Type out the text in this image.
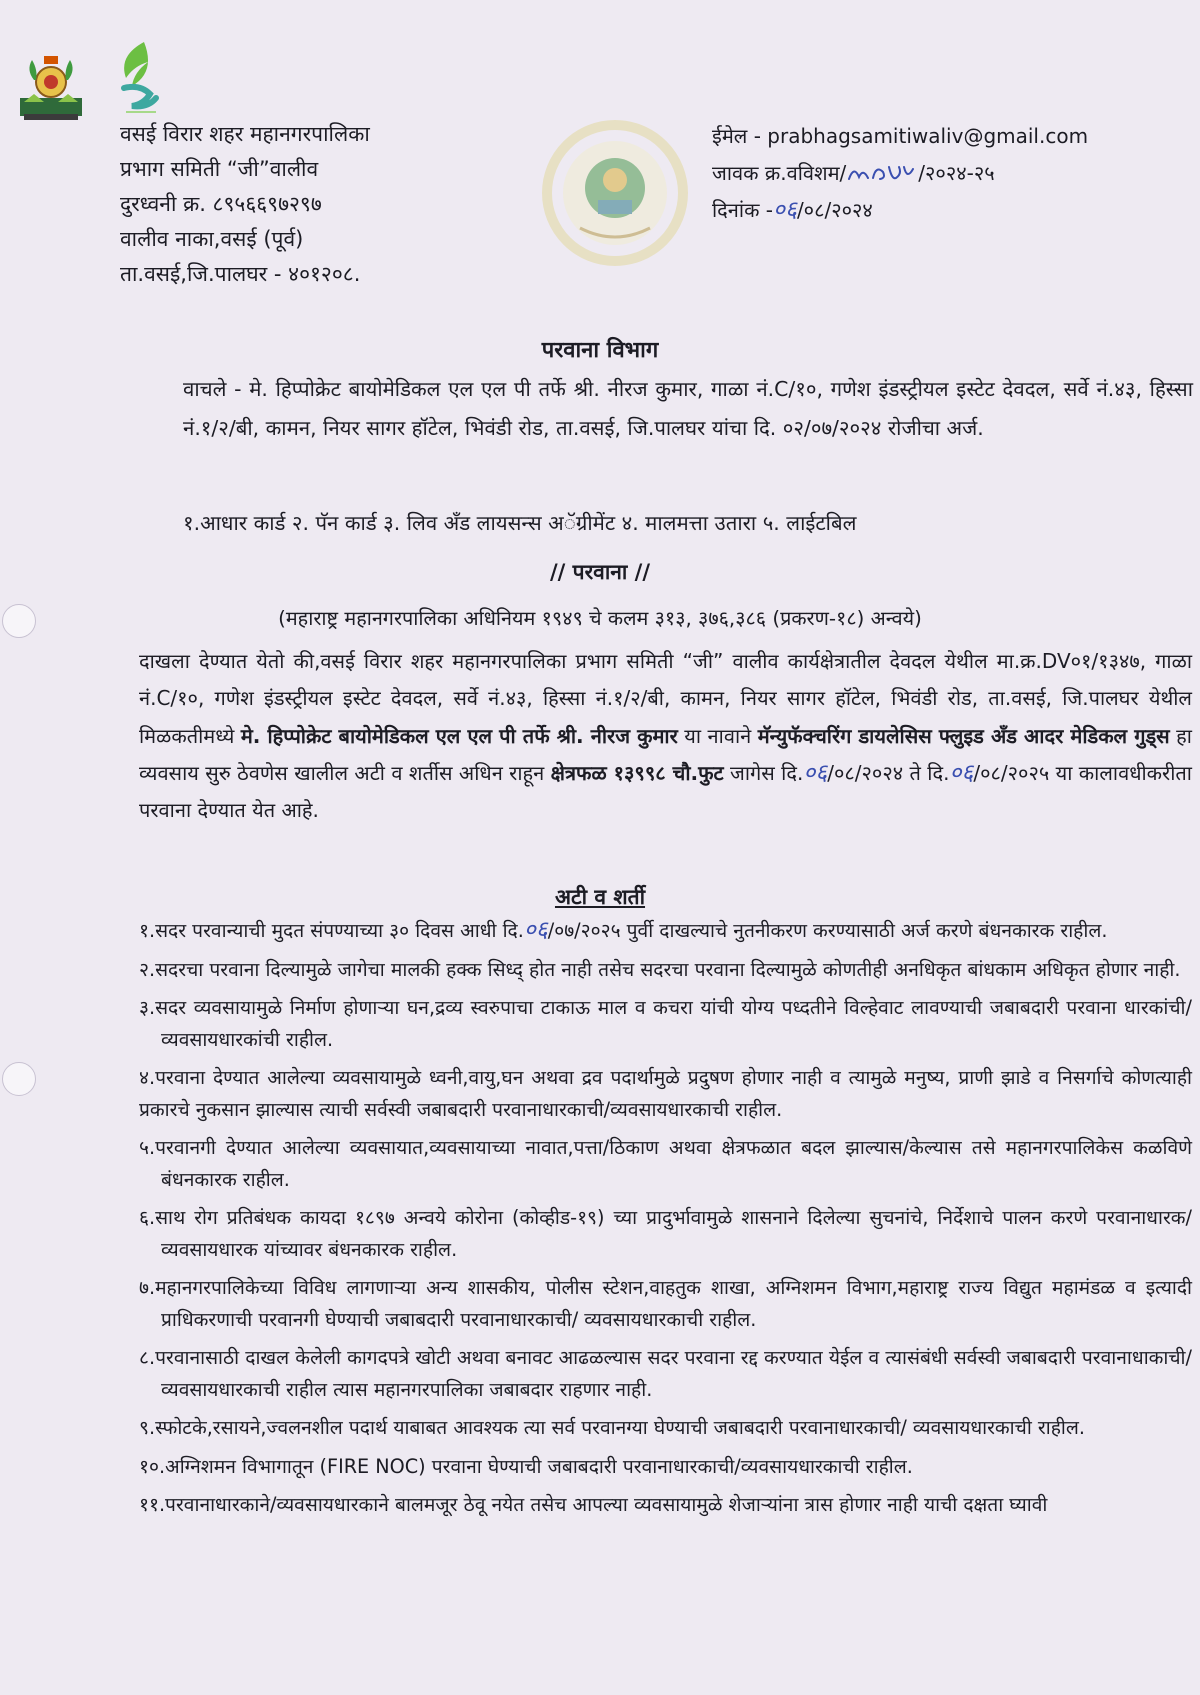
वसई विरार शहर महानगरपालिका
प्रभाग समिती “जी”वालीव
दुरध्वनी क्र. ८९५६६९७२९७
वालीव नाका,वसई (पूर्व)
ता.वसई,जि.पालघर - ४०१२०८.
ईमेल - prabhagsamitiwaliv@gmail.com
जावक क्र.वविशम/	/२०२४-२५
दिनांक -०६/०८/२०२४
परवाना विभाग
वाचले - मे. हिप्पोक्रेट बायोमेडिकल एल एल पी तर्फे श्री. नीरज कुमार, गाळा नं.C/१०, गणेश इंडस्ट्रीयल इस्टेट देवदल, सर्वे नं.४३, हिस्सा नं.१/२/बी, कामन, नियर सागर हॉटेल, भिवंडी रोड, ता.वसई, जि.पालघर यांचा दि. ०२/०७/२०२४ रोजीचा अर्ज.
१.आधार कार्ड २. पॅन कार्ड ३. लिव अँड लायसन्स अॅग्रीमेंट ४. मालमत्ता उतारा ५. लाईटबिल
// परवाना //
(महाराष्ट्र महानगरपालिका अधिनियम १९४९ चे कलम ३१३, ३७६,३८६ (प्रकरण-१८) अन्वये)
दाखला देण्यात येतो की,वसई विरार शहर महानगरपालिका प्रभाग समिती “जी” वालीव कार्यक्षेत्रातील देवदल येथील मा.क्र.DV०१/१३४७, गाळा नं.C/१०, गणेश इंडस्ट्रीयल इस्टेट देवदल, सर्वे नं.४३, हिस्सा नं.१/२/बी, कामन, नियर सागर हॉटेल, भिवंडी रोड, ता.वसई, जि.पालघर येथील मिळकतीमध्ये मे. हिप्पोक्रेट बायोमेडिकल एल एल पी तर्फे श्री. नीरज कुमार या नावाने मॅन्युफॅक्चरिंग डायलेसिस फ्लुइड अँड आदर मेडिकल गुड्स हा व्यवसाय सुरु ठेवणेस खालील अटी व शर्तीस अधिन राहून क्षेत्रफळ १३९९८ चौ.फुट जागेस दि.०६/०८/२०२४ ते दि.०६/०८/२०२५ या कालावधीकरीता परवाना देण्यात येत आहे.
अटी व शर्ती
१.सदर परवान्याची मुदत संपण्याच्या ३० दिवस आधी दि.०६/०७/२०२५ पुर्वी दाखल्याचे नुतनीकरण करण्यासाठी अर्ज करणे बंधनकारक राहील.
२.सदरचा परवाना दिल्यामुळे जागेचा मालकी हक्क सिध्द् होत नाही तसेच सदरचा परवाना दिल्यामुळे कोणतीही अनधिकृत बांधकाम अधिकृत होणार नाही.
३.सदर व्यवसायामुळे निर्माण होणाऱ्या घन,द्रव्य स्वरुपाचा टाकाऊ माल व कचरा यांची योग्य पध्दतीने विल्हेवाट लावण्याची जबाबदारी परवाना धारकांची/व्यवसायधारकांची राहील.
४.परवाना देण्यात आलेल्या व्यवसायामुळे ध्वनी,वायु,घन अथवा द्रव पदार्थामुळे प्रदुषण होणार नाही व त्यामुळे मनुष्य, प्राणी झाडे व निसर्गाचे कोणत्याही प्रकारचे नुकसान झाल्यास त्याची सर्वस्वी जबाबदारी परवानाधारकाची/व्यवसायधारकाची राहील.
५.परवानगी देण्यात आलेल्या व्यवसायात,व्यवसायाच्या नावात,पत्ता/ठिकाण अथवा क्षेत्रफळात बदल झाल्यास/केल्यास तसे महानगरपालिकेस कळविणे बंधनकारक राहील.
६.साथ रोग प्रतिबंधक कायदा १८९७ अन्वये कोरोना (कोव्हीड-१९) च्या प्रादुर्भावामुळे शासनाने दिलेल्या सुचनांचे, निर्देशाचे पालन करणे परवानाधारक/व्यवसायधारक यांच्यावर बंधनकारक राहील.
७.महानगरपालिकेच्या विविध लागणाऱ्या अन्य शासकीय, पोलीस स्टेशन,वाहतुक शाखा, अग्निशमन विभाग,महाराष्ट्र राज्य विद्युत महामंडळ व इत्यादी प्राधिकरणाची परवानगी घेण्याची जबाबदारी परवानाधारकाची/ व्यवसायधारकाची राहील.
८.परवानासाठी दाखल केलेली कागदपत्रे खोटी अथवा बनावट आढळल्यास सदर परवाना रद्द करण्यात येईल व त्यासंबंधी सर्वस्वी जबाबदारी परवानाधाकाची/व्यवसायधारकाची राहील त्यास महानगरपालिका जबाबदार राहणार नाही.
९.स्फोटके,रसायने,ज्वलनशील पदार्थ याबाबत आवश्यक त्या सर्व परवानग्या घेण्याची जबाबदारी परवानाधारकाची/ व्यवसायधारकाची राहील.
१०.अग्निशमन विभागातून (FIRE NOC) परवाना घेण्याची जबाबदारी परवानाधारकाची/व्यवसायधारकाची राहील.
११.परवानाधारकाने/व्यवसायधारकाने बालमजूर ठेवू नयेत तसेच आपल्या व्यवसायामुळे शेजाऱ्यांना त्रास होणार नाही याची दक्षता घ्यावी
